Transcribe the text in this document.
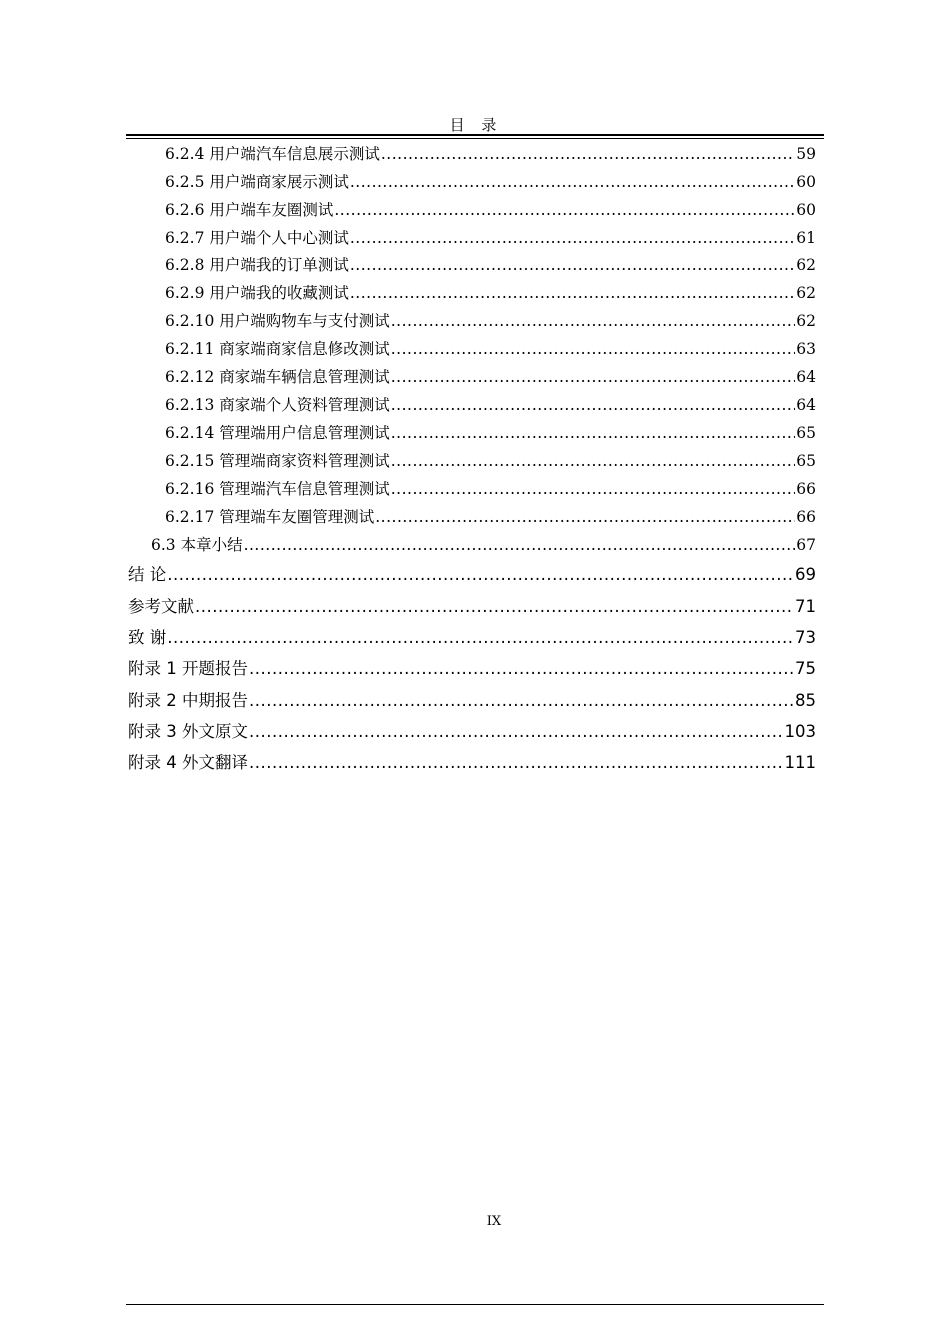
目 录
6.2.4 用户端汽车信息展示测试 .....	59
6.2.5 用户端商家展示测试 .....	60
6.2.6 用户端车友圈测试 .....	60
6.2.7 用户端个人中心测试 .....	61
6.2.8 用户端我的订单测试 .....	62
6.2.9 用户端我的收藏测试 .....	62
6.2.10 用户端购物车与支付测试 .....	62
6.2.11 商家端商家信息修改测试 .....	63
6.2.12 商家端车辆信息管理测试 .....	64
6.2.13 商家端个人资料管理测试 .....	64
6.2.14 管理端用户信息管理测试 .....	65
6.2.15 管理端商家资料管理测试 .....	65
6.2.16 管理端汽车信息管理测试 .....	66
6.2.17 管理端车友圈管理测试 .....	66
6.3 本章小结 .....	67
结 论 .....	69
参考文献 .....	71
致 谢 .....	73
附录 1 开题报告 .....	75
附录 2 中期报告 .....	85
附录 3 外文原文 .....	103
附录 4 外文翻译 .....	111
IX
